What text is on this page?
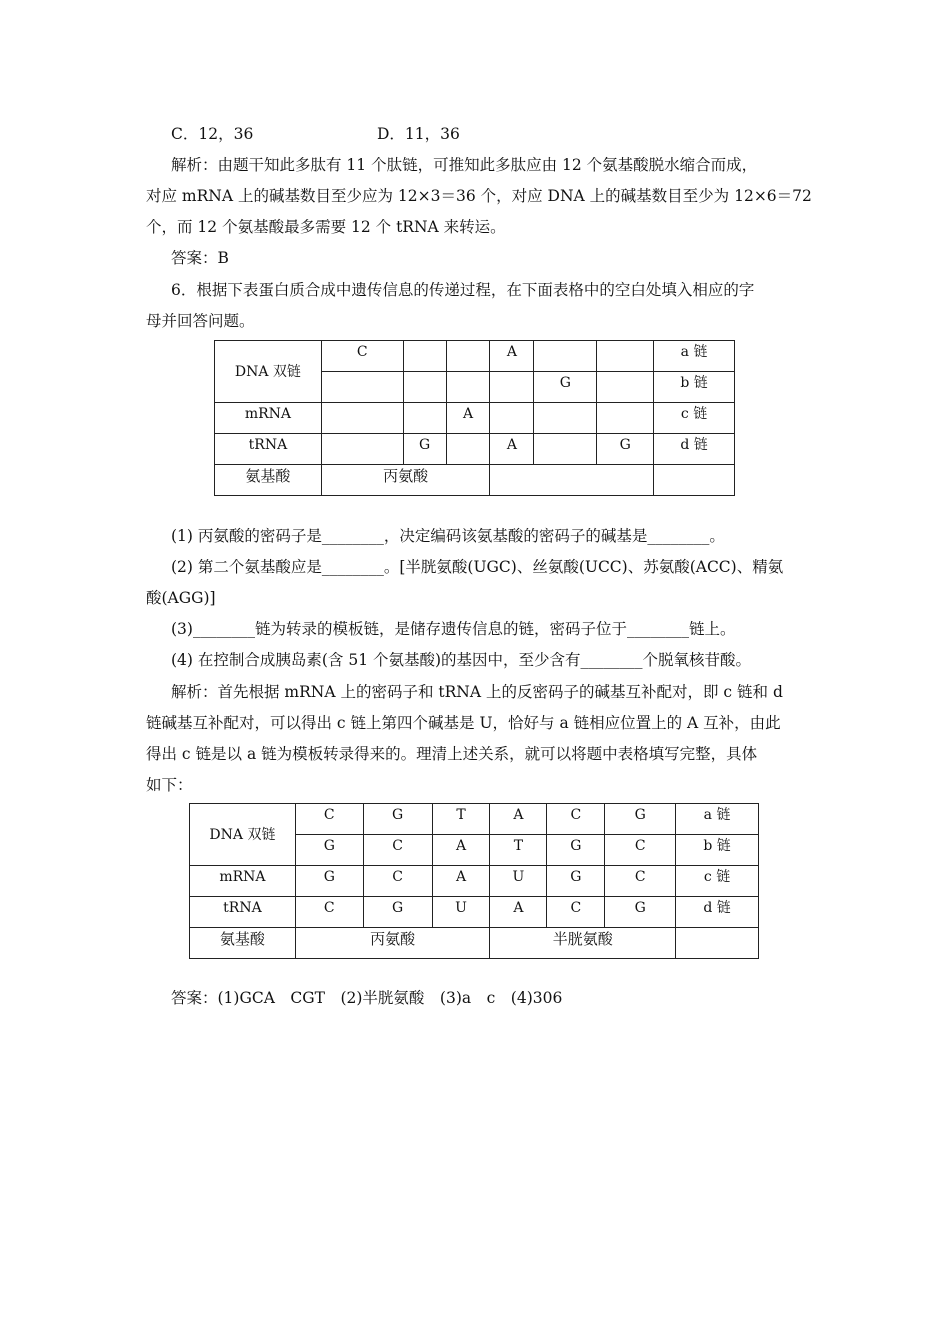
C．12，36	D．11，36
解析：由题干知此多肽有 11 个肽链，可推知此多肽应由 12 个氨基酸脱水缩合而成，
对应 mRNA 上的碱基数目至少应为 12×3＝36 个，对应 DNA 上的碱基数目至少为 12×6＝72
个，而 12 个氨基酸最多需要 12 个 tRNA 来转运。
答案：B
6．根据下表蛋白质合成中遗传信息的传递过程，在下面表格中的空白处填入相应的字
母并回答问题。
DNA 双链	C			A			a 链
					G		b 链
mRNA			A				c 链
tRNA		G		A		G	d 链
氨基酸	丙氨酸						
(1) 丙氨酸的密码子是________，决定编码该氨基酸的密码子的碱基是________。
(2) 第二个氨基酸应是________。[半胱氨酸(UGC)、丝氨酸(UCC)、苏氨酸(ACC)、精氨
酸(AGG)]
(3)________链为转录的模板链，是储存遗传信息的链，密码子位于________链上。
(4) 在控制合成胰岛素(含 51 个氨基酸)的基因中，至少含有________个脱氧核苷酸。
解析：首先根据 mRNA 上的密码子和 tRNA 上的反密码子的碱基互补配对，即 c 链和 d
链碱基互补配对，可以得出 c 链上第四个碱基是 U，恰好与 a 链相应位置上的 A 互补，由此
得出 c 链是以 a 链为模板转录得来的。理清上述关系，就可以将题中表格填写完整，具体
如下：
DNA 双链	C	G	T	A	C	G	a 链
	G	C	A	T	G	C	b 链
mRNA	G	C	A	U	G	C	c 链
tRNA	C	G	U	A	C	G	d 链
氨基酸	丙氨酸			半胱氨酸			
答案：(1)GCA　CGT　(2)半胱氨酸　(3)a　c　(4)306
